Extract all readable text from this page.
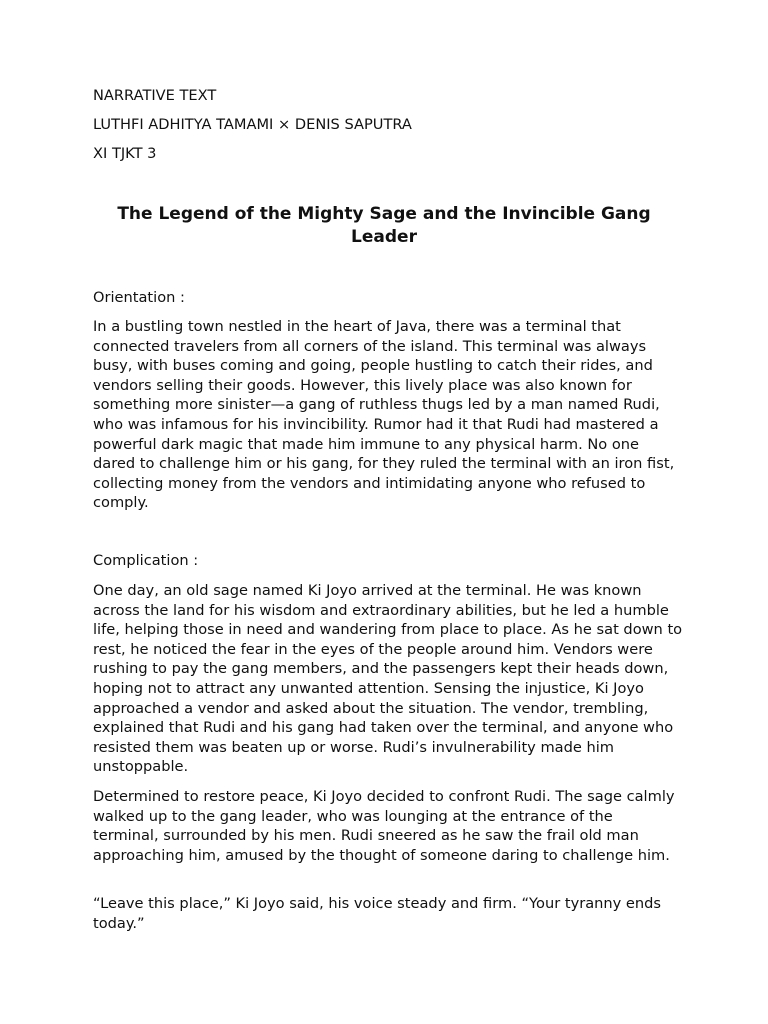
NARRATIVE TEXT

LUTHFI ADHITYA TAMAMI × DENIS SAPUTRA

XI TJKT 3

The Legend of the Mighty Sage and the Invincible Gang Leader

Orientation :

In a bustling town nestled in the heart of Java, there was a terminal that connected travelers from all corners of the island. This terminal was always busy, with buses coming and going, people hustling to catch their rides, and vendors selling their goods. However, this lively place was also known for something more sinister—a gang of ruthless thugs led by a man named Rudi, who was infamous for his invincibility. Rumor had it that Rudi had mastered a powerful dark magic that made him immune to any physical harm. No one dared to challenge him or his gang, for they ruled the terminal with an iron fist, collecting money from the vendors and intimidating anyone who refused to comply.

Complication :

One day, an old sage named Ki Joyo arrived at the terminal. He was known across the land for his wisdom and extraordinary abilities, but he led a humble life, helping those in need and wandering from place to place. As he sat down to rest, he noticed the fear in the eyes of the people around him. Vendors were rushing to pay the gang members, and the passengers kept their heads down, hoping not to attract any unwanted attention. Sensing the injustice, Ki Joyo approached a vendor and asked about the situation. The vendor, trembling, explained that Rudi and his gang had taken over the terminal, and anyone who resisted them was beaten up or worse. Rudi’s invulnerability made him unstoppable.

Determined to restore peace, Ki Joyo decided to confront Rudi. The sage calmly walked up to the gang leader, who was lounging at the entrance of the terminal, surrounded by his men. Rudi sneered as he saw the frail old man approaching him, amused by the thought of someone daring to challenge him.

“Leave this place,” Ki Joyo said, his voice steady and firm. “Your tyranny ends today.”
